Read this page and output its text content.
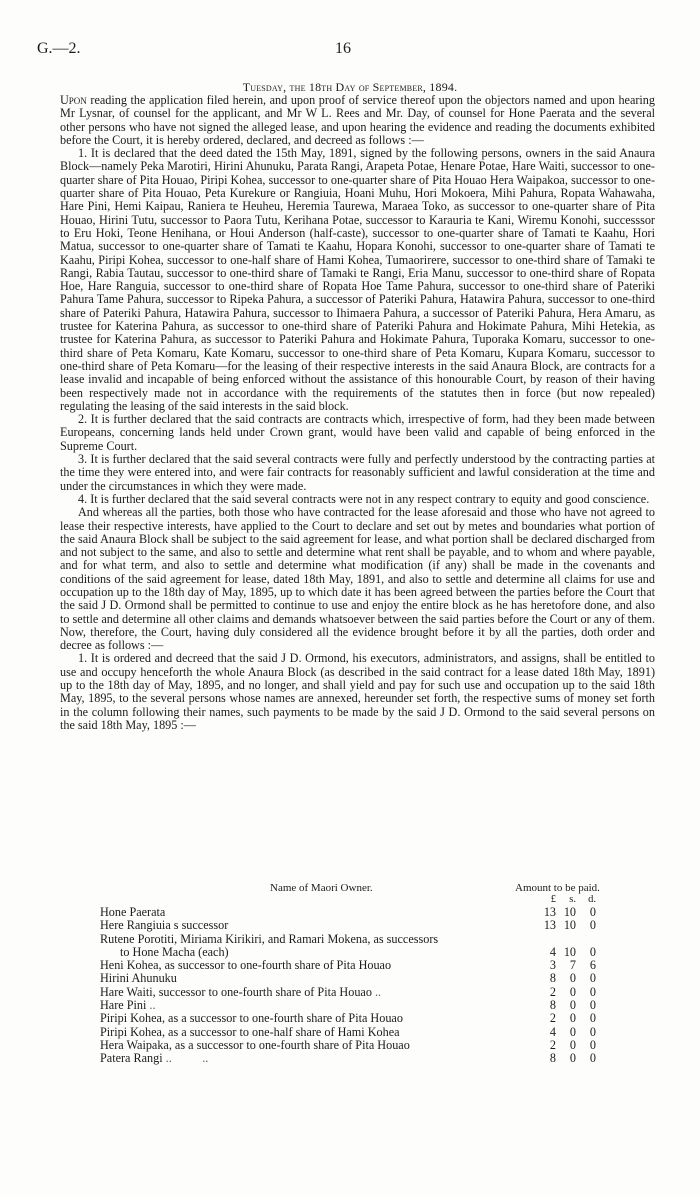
G.—2.	16
Tuesday, the 18th Day of September, 1894.

Upon reading the application filed herein, and upon proof of service thereof upon the objectors named and upon hearing Mr Lysnar, of counsel for the applicant, and Mr W L. Rees and Mr. Day, of counsel for Hone Paerata and the several other persons who have not signed the alleged lease, and upon hearing the evidence and reading the documents exhibited before the Court, it is hereby ordered, declared, and decreed as follows :—

1. It is declared that the deed dated the 15th May, 1891, signed by the following persons, owners in the said Anaura Block—namely Peka Marotiri, Hirini Ahunuku, Parata Rangi, Arapeta Potae, Henare Potae, Hare Waiti, successor to one-quarter share of Pita Houao, Piripi Kohea, successor to one-quarter share of Pita Houao Hera Waipakoa, successor to one-quarter share of Pita Houao, Peta Kurekure or Rangiuia, Hoani Muhu, Hori Mokoera, Mihi Pahura, Ropata Wahawaha, Hare Pini, Hemi Kaipau, Raniera te Heuheu, Heremia Taurewa, Maraea Toko, as successor to one-quarter share of Pita Houao, Hirini Tutu, successor to Paora Tutu, Kerihana Potae, successor to Karauria te Kani, Wiremu Konohi, successsor to Eru Hoki, Teone Henihana, or Houi Anderson (half-caste), successor to one-quarter share of Tamati te Kaahu, Hori Matua, successor to one-quarter share of Tamati te Kaahu, Hopara Konohi, successor to one-quarter share of Tamati te Kaahu, Piripi Kohea, successor to one-half share of Hami Kohea, Tumaorirere, successor to one-third share of Tamaki te Rangi, Rabia Tautau, successor to one-third share of Tamaki te Rangi, Eria Manu, successor to one-third share of Ropata Hoe, Hare Ranguia, successor to one-third share of Ropata Hoe Tame Pahura, successor to one-third share of Pateriki Pahura Tame Pahura, successor to Ripeka Pahura, a successor of Pateriki Pahura, Hatawira Pahura, successor to one-third share of Pateriki Pahura, Hatawira Pahura, successor to Ihimaera Pahura, a successor of Pateriki Pahura, Hera Amaru, as trustee for Katerina Pahura, as successor to one-third share of Pateriki Pahura and Hokimate Pahura, Mihi Hetekia, as trustee for Katerina Pahura, as successor to Pateriki Pahura and Hokimate Pahura, Tuporaka Komaru, successor to one-third share of Peta Komaru, Kate Komaru, successor to one-third share of Peta Komaru, Kupara Komaru, successor to one-third share of Peta Komaru—for the leasing of their respective interests in the said Anaura Block, are contracts for a lease invalid and incapable of being enforced without the assistance of this honourable Court, by reason of their having been respectively made not in accordance with the requirements of the statutes then in force (but now repealed) regulating the leasing of the said interests in the said block.

2. It is further declared that the said contracts are contracts which, irrespective of form, had they been made between Europeans, concerning lands held under Crown grant, would have been valid and capable of being enforced in the Supreme Court.

3. It is further declared that the said several contracts were fully and perfectly understood by the contracting parties at the time they were entered into, and were fair contracts for reasonably sufficient and lawful consideration at the time and under the circumstances in which they were made.

4. It is further declared that the said several contracts were not in any respect contrary to equity and good conscience.

And whereas all the parties, both those who have contracted for the lease aforesaid and those who have not agreed to lease their respective interests, have applied to the Court to declare and set out by metes and boundaries what portion of the said Anaura Block shall be subject to the said agreement for lease, and what portion shall be declared discharged from and not subject to the same, and also to settle and determine what rent shall be payable, and to whom and where payable, and for what term, and also to settle and determine what modification (if any) shall be made in the covenants and conditions of the said agreement for lease, dated 18th May, 1891, and also to settle and determine all claims for use and occupation up to the 18th day of May, 1895, up to which date it has been agreed between the parties before the Court that the said J D. Ormond shall be permitted to continue to use and enjoy the entire block as he has heretofore done, and also to settle and determine all other claims and demands whatsoever between the said parties before the Court or any of them. Now, therefore, the Court, having duly considered all the evidence brought before it by all the parties, doth order and decree as follows :—

1. It is ordered and decreed that the said J D. Ormond, his executors, administrators, and assigns, shall be entitled to use and occupy henceforth the whole Anaura Block (as described in the said contract for a lease dated 18th May, 1891) up to the 18th day of May, 1895, and no longer, and shall yield and pay for such use and occupation up to the said 18th May, 1895, to the several persons whose names are annexed, hereunder set forth, the respective sums of money set forth in the column following their names, such payments to be made by the said J D. Ormond to the said several persons on the said 18th May, 1895 :—

Name of Maori Owner.	Amount to be paid.
£	s.	d.
Hone Paerata	13 10	0
Here Rangiuia s successor	13 10	0
Rutene Porotiti, Miriama Kirikiri, and Ramari Mokena, as successors
to Hone Macha (each)	4 10	0
Heni Kohea, as successor to one-fourth share of Pita Houao	3	7	6
Hirini Ahunuku	8	0	0
Hare Waiti, successor to one-fourth share of Pita Houao ..	2	0	0
Hare Pini ..	8	0	0
Piripi Kohea, as a successor to one-fourth share of Pita Houao	2	0	0
Piripi Kohea, as a successor to one-half share of Hami Kohea	4	0	0
Hera Waipaka, as a successor to one-fourth share of Pita Houao	2	0	0
Patera Rangi ..          ..	8	0	0
